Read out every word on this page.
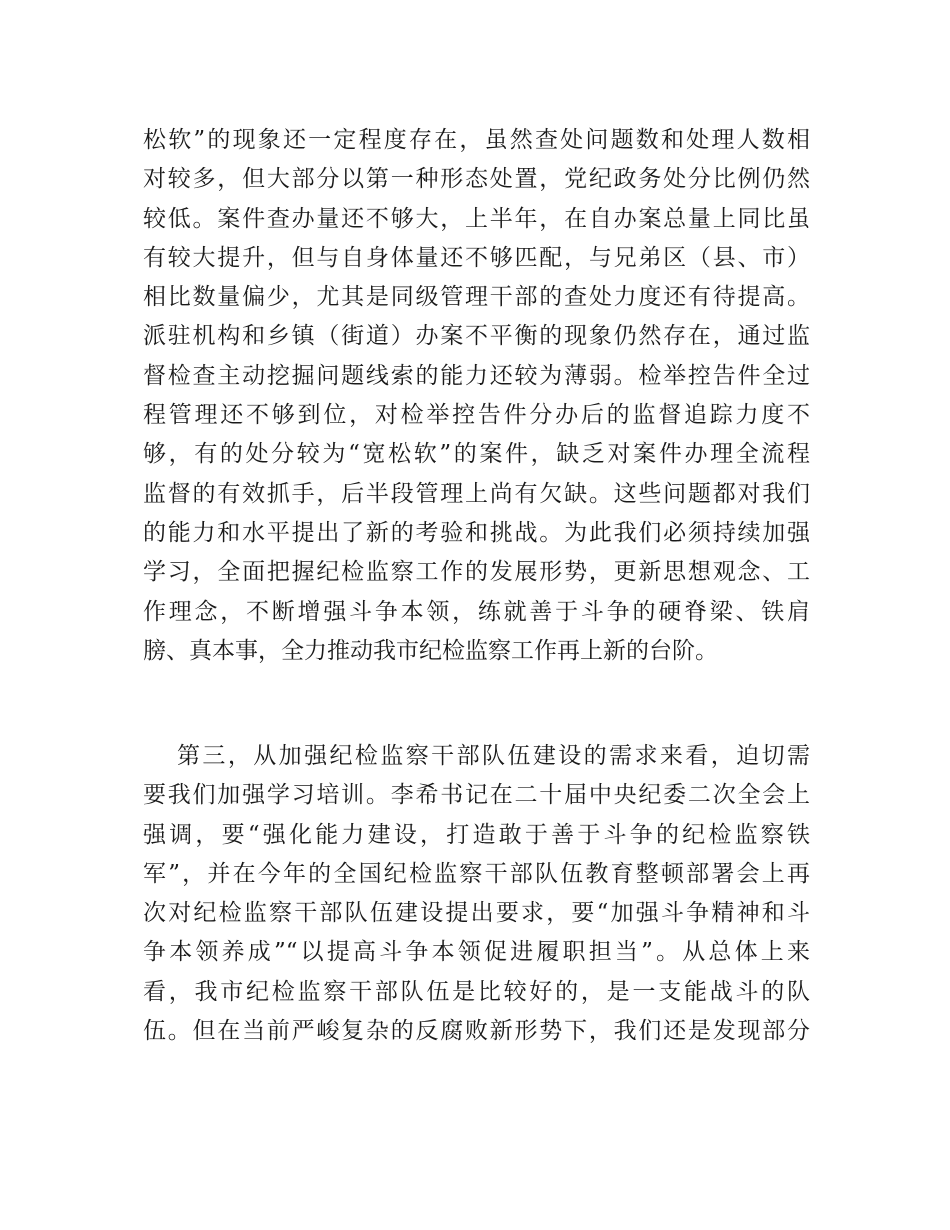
松软”的现象还一定程度存在，虽然查处问题数和处理人数相
对较多，但大部分以第一种形态处置，党纪政务处分比例仍然
较低。案件查办量还不够大，上半年，在自办案总量上同比虽
有较大提升，但与自身体量还不够匹配，与兄弟区（县、市）
相比数量偏少，尤其是同级管理干部的查处力度还有待提高。
派驻机构和乡镇（街道）办案不平衡的现象仍然存在，通过监
督检查主动挖掘问题线索的能力还较为薄弱。检举控告件全过
程管理还不够到位，对检举控告件分办后的监督追踪力度不
够，有的处分较为“宽松软”的案件，缺乏对案件办理全流程
监督的有效抓手，后半段管理上尚有欠缺。这些问题都对我们
的能力和水平提出了新的考验和挑战。为此我们必须持续加强
学习，全面把握纪检监察工作的发展形势，更新思想观念、工
作理念，不断增强斗争本领，练就善于斗争的硬脊梁、铁肩
膀、真本事，全力推动我市纪检监察工作再上新的台阶。
第三，从加强纪检监察干部队伍建设的需求来看，迫切需
要我们加强学习培训。李希书记在二十届中央纪委二次全会上
强调，要“强化能力建设，打造敢于善于斗争的纪检监察铁
军”，并在今年的全国纪检监察干部队伍教育整顿部署会上再
次对纪检监察干部队伍建设提出要求，要“加强斗争精神和斗
争本领养成”“以提高斗争本领促进履职担当”。从总体上来
看，我市纪检监察干部队伍是比较好的，是一支能战斗的队
伍。但在当前严峻复杂的反腐败新形势下，我们还是发现部分
